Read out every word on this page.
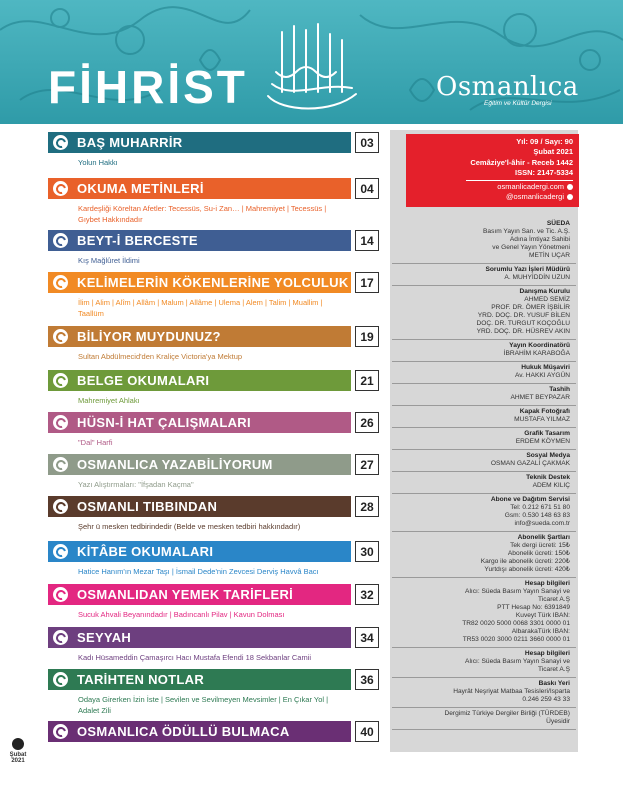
FİHRİST	Osmanlıca
Eğitim ve Kültür Dergisi
BAŞ MUHARRİR	03
Yolun Hakkı
OKUMA METİNLERİ	04
Kardeşliği Köreltan Afetler: Tecessüs, Su-i Zan… | Mahremiyet | Tecessüs | Gıybet Hakkındadır
BEYT-İ BERCESTE	14
Kış Mağlûret İldimi
KELİMELERİN KÖKENLERİNE YOLCULUK 17
İlim | Alim | Alîm | Allâm | Malum | Allâme | Ulema | Alem | Talim | Muallim | Taallüm
BİLİYOR MUYDUNUZ?	19
Sultan Abdülmecid'den Kraliçe Victoria'ya Mektup
BELGE OKUMALARI	21
Mahremiyet Ahlakı
HÜSN-İ HAT ÇALIŞMALARI	26
"Dal" Harfi
OSMANLICA YAZABİLİYORUM	27
Yazı Alıştırmaları: "İfşadan Kaçma"
OSMANLI TIBBINDAN	28
Şehr ü mesken tedbirindedir (Belde ve mesken tedbiri hakkındadır)
KİTÂBE OKUMALARI	30
Hatice Hanım'ın Mezar Taşı | İsmail Dede'nin Zevcesi Derviş Havvâ Bacı
OSMANLIDAN YEMEK TARİFLERİ	32
Sucuk Ahvali Beyanındadır | Badıncanlı Pilav | Kavun Dolması
SEYYAH	34
Kadı Hüsameddin Çamaşırcı Hacı Mustafa Efendi 18 Sekbanlar Camii
TARİHTEN NOTLAR	36
Odaya Girerken İzin İste | Sevilen ve Sevilmeyen Mevsimler | En Çıkar Yol | Adalet Zili
OSMANLICA ÖDÜLLÜ BULMACA	40
Yıl: 09 / Sayı: 90
Şubat 2021
Cemâziye'l-âhir - Receb 1442
ISSN: 2147-5334
osmanlicadergi.com
@osmanlicadergi
SÜEDA
Basım Yayın San. ve Tic. A.Ş.
Adına İmtiyaz Sahibi
ve Genel Yayın Yönetmeni
METİN UÇAR
Sorumlu Yazı İşleri Müdürü
A. MUHYİDDİN UZUN
Danışma Kurulu
AHMED SEMİZ
PROF. DR. ÖMER İŞBİLİR
YRD. DOÇ. DR. YUSUF BİLEN
DOÇ. DR. TURGUT KOÇOĞLU
YRD. DOÇ. DR. HÜSREV AKIN
Yayın Koordinatörü
İBRAHİM KARABOĞA
Hukuk Müşaviri
Av. HAKKI AYGÜN
Tashih
AHMET BEYPAZAR
Kapak Fotoğrafı
MUSTAFA YILMAZ
Grafik Tasarım
ERDEM KÖYMEN
Sosyal Medya
OSMAN GAZALİ ÇAKMAK
Teknik Destek
ADEM KILIÇ
Abone ve Dağıtım Servisi
Tel: 0.212 671 51 80
Gsm: 0.530 148 63 83
info@sueda.com.tr
Abonelik Şartları
Tek dergi ücreti: 15₺
Abonelik ücreti: 150₺
Kargo ile abonelik ücreti: 220₺
Yurtdışı abonelik ücreti: 420₺
Hesap bilgileri
Alıcı: Süeda Basım Yayın Sanayi ve
Ticaret A.Ş
PTT Hesap No: 6391849
Kuveyt Türk IBAN:
TR82 0020 5000 0068 3301 0000 01
AlbarakaTürk IBAN:
TR53 0020 3000 0211 3660 0000 01
Hesap bilgileri
Alıcı: Süeda Basım Yayın Sanayi ve
Ticaret A.Ş
Baskı Yeri
Hayrât Neşriyat Matbaa Tesisleri/Isparta
0.246 259 43 33
Dergimiz Türkiye Dergiler Birliği (TÜRDEB)
Üyesidir
Şubat
2021
